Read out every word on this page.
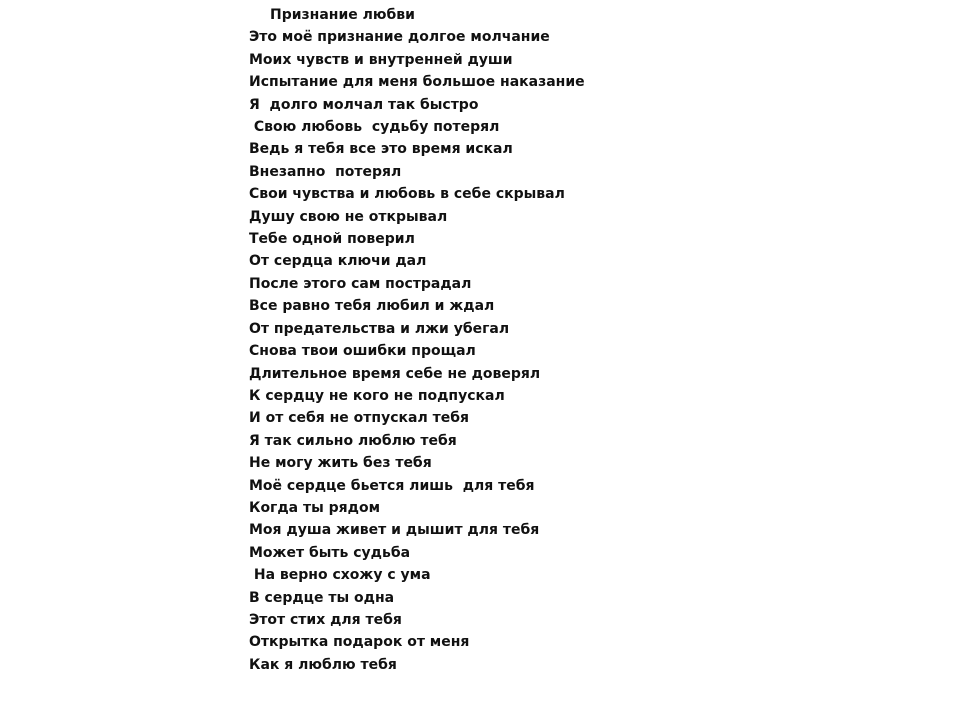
Признание любви
Это моё признание долгое молчание
Моих чувств и внутренней души
Испытание для меня большое наказание
Я  долго молчал так быстро
Свою любовь  судьбу потерял
Ведь я тебя все это время искал
Внезапно  потерял
Свои чувства и любовь в себе скрывал
Душу свою не открывал
Тебе одной поверил
От сердца ключи дал
После этого сам пострадал
Все равно тебя любил и ждал
От предательства и лжи убегал
Снова твои ошибки прощал
Длительное время себе не доверял
К сердцу не кого не подпускал
И от себя не отпускал тебя
Я так сильно люблю тебя
Не могу жить без тебя
Моё сердце бьется лишь  для тебя
Когда ты рядом
Моя душа живет и дышит для тебя
Может быть судьба
На верно схожу с ума
В сердце ты одна
Этот стих для тебя
Открытка подарок от меня
Как я люблю тебя
